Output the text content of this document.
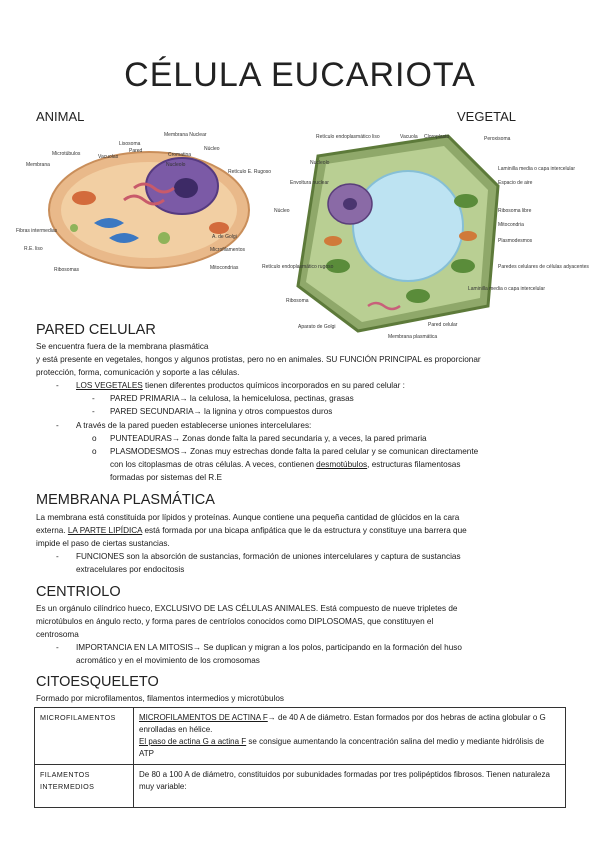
CÉLULA EUCARIOTA
ANIMAL	VEGETAL
Microtúbulos	Vacuolas
Lisosoma
Pared
Membrana Nuclear
Cromatina
Núcleo
Nucleolo
Retículo E. Rugoso
Membrana
Fibras intermedias
R.E. liso
Ribosomas
A. de Golgi
Microfilamentos
Mitocondrias
Retículo endoplasmático liso	Vacuola Cloroplasto	Peroxisoma
Nucleolo
Laminilla media o capa intercelular
Espacio de aire
Envoltura nuclear
Ribosoma libre
Núcleo
Mitocondria
Plasmodesmos
Retículo endoplasmático rugoso	Paredes celulares de células adyacentes
Ribosoma
Laminilla media o capa intercelular
Aparato de Golgi	Pared celular
Membrana plasmática
PARED CELULAR
Se encuentra fuera de la membrana plasmática
y está presente en vegetales, hongos y algunos protistas, pero no en animales. SU FUNCIÓN PRINCIPAL es proporcionar
protección, forma, comunicación y soporte a las células.
- LOS VEGETALES tienen diferentes productos químicos incorporados en su pared celular :
- PARED PRIMARIA→ la celulosa, la hemicelulosa, pectinas, grasas
- PARED SECUNDARIA→ la lignina y otros compuestos duros
- A través de la pared pueden establecerse uniones intercelulares:
o PUNTEADURAS→ Zonas donde falta la pared secundaria y, a veces, la pared primaria
o PLASMODESMOS→ Zonas muy estrechas donde falta la pared celular y se comunican directamente
con los citoplasmas de otras células. A veces, contienen desmotúbulos, estructuras filamentosas
formadas por sistemas del R.E
MEMBRANA PLASMÁTICA
La membrana está constituida por lípidos y proteínas. Aunque contiene una pequeña cantidad de glúcidos en la cara
externa. LA PARTE LIPÍDICA está formada por una bicapa anfipática que le da estructura y constituye una barrera que
impide el paso de ciertas sustancias.
- FUNCIONES son la absorción de sustancias, formación de uniones intercelulares y captura de sustancias
extracelulares por endocitosis
CENTRIOLO
Es un orgánulo cilíndrico hueco, EXCLUSIVO DE LAS CÉLULAS ANIMALES. Está compuesto de nueve tripletes de
microtúbulos en ángulo recto, y forma pares de centríolos conocidos como DIPLOSOMAS, que constituyen el
centrosoma
- IMPORTANCIA EN LA MITOSIS→ Se duplican y migran a los polos, participando en la formación del huso
acromático y en el movimiento de los cromosomas
CITOESQUELETO
Formado por microfilamentos, filamentos intermedios y microtúbulos
MICROFILAMENTOS	MICROFILAMENTOS DE ACTINA F→ de 40 A de diámetro. Estan formados por dos hebras de actina globular o G enrolladas en hélice.
El paso de actina G a actina F se consigue aumentando la concentración salina del medio y mediante hidrólisis de ATP
FILAMENTOS INTERMEDIOS	De 80 a 100 A de diámetro, constituidos por subunidades formadas por tres polipéptidos fibrosos. Tienen naturaleza muy variable:
